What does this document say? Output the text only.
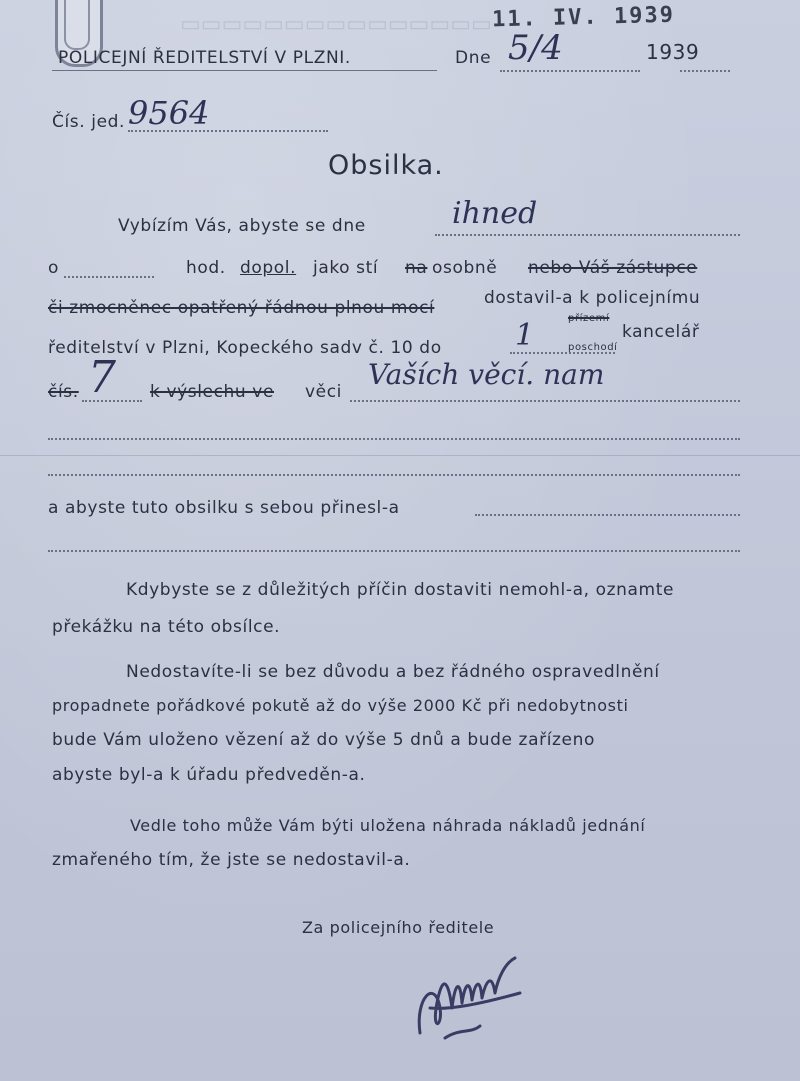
▭▭▭▭▭▭▭▭▭▭▭▭▭▭▭ 11. IV. 1939
POLICEJNÍ ŘEDITELSTVÍ V PLZNI.	Dne 5/4	1939
Čís. jed. 9564
Obsilka.
Vybízím Vás, abyste se dne	ihned
o	hod. dopol. jako stí na osobně nebo Váš zástupce
či zmocněnec opatřený řádnou plnou mocí	dostavil-a k policejnímu
ředitelství v Plzni, Kopeckého sadv č. 10 do 1	přízemí
poschodí
kancelář
čís. 7 k výslechu ve věci
Vaších věcí. nam
a abyste tuto obsilku s sebou přinesl-a
Kdybyste se z důležitých příčin dostaviti nemohl-a, oznamte
překážku na této obsílce.
Nedostavíte-li se bez důvodu a bez řádného ospravedlnění
propadnete pořádkové pokutě až do výše 2000 Kč při nedobytnosti
bude Vám uloženo vězení až do výše 5 dnů a bude zařízeno
abyste byl-a k úřadu předveděn-a.
Vedle toho může Vám býti uložena náhrada nákladů jednání
zmařeného tím, že jste se nedostavil-a.
Za policejního ředitele
